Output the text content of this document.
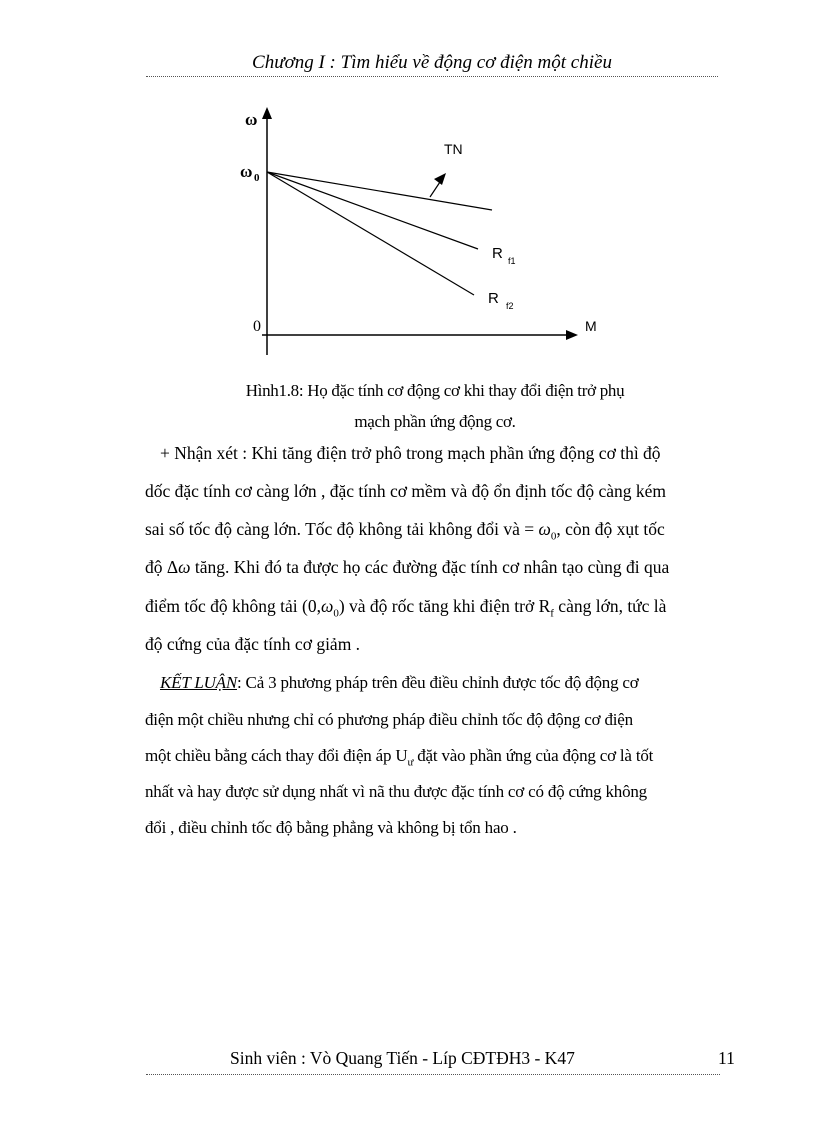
Chương I : Tìm hiểu về động cơ điện một chiều
ω
ω 0
0	M
TN
R f1
R f2
Hình1.8: Họ đặc tính cơ động cơ khi thay đổi điện trở phụ
mạch phần ứng động cơ.
+ Nhận xét : Khi tăng điện trở phô trong mạch phần ứng động cơ thì độ
dốc đặc tính cơ càng lớn , đặc tính cơ mềm và độ ổn định tốc độ càng kém
sai số tốc độ càng lớn. Tốc độ không tải không đổi và = $\omega_0$, còn độ xụt tốc
độ Δω tăng. Khi đó ta được họ các đường đặc tính cơ nhân tạo cùng đi qua
điểm tốc độ không tải $(0,\omega_0)$ và độ rốc tăng khi điện trở $R_f$ càng lớn, tức là
độ cứng của đặc tính cơ giảm .
KẾT LUẬN: Cả 3 phương pháp trên đều điều chỉnh được tốc độ động cơ
điện một chiều nhưng chỉ có phương pháp điều chỉnh tốc độ động cơ điện
một chiều bằng cách thay đổi điện áp $U_ư$ đặt vào phần ứng của động cơ là tốt
nhất và hay được sử dụng nhất vì nã thu được đặc tính cơ có độ cứng không
đổi , điều chỉnh tốc độ bằng phẳng và không bị tổn hao .
Sinh viên : Vò Quang Tiến - Líp CĐTĐH3 - K47	11
